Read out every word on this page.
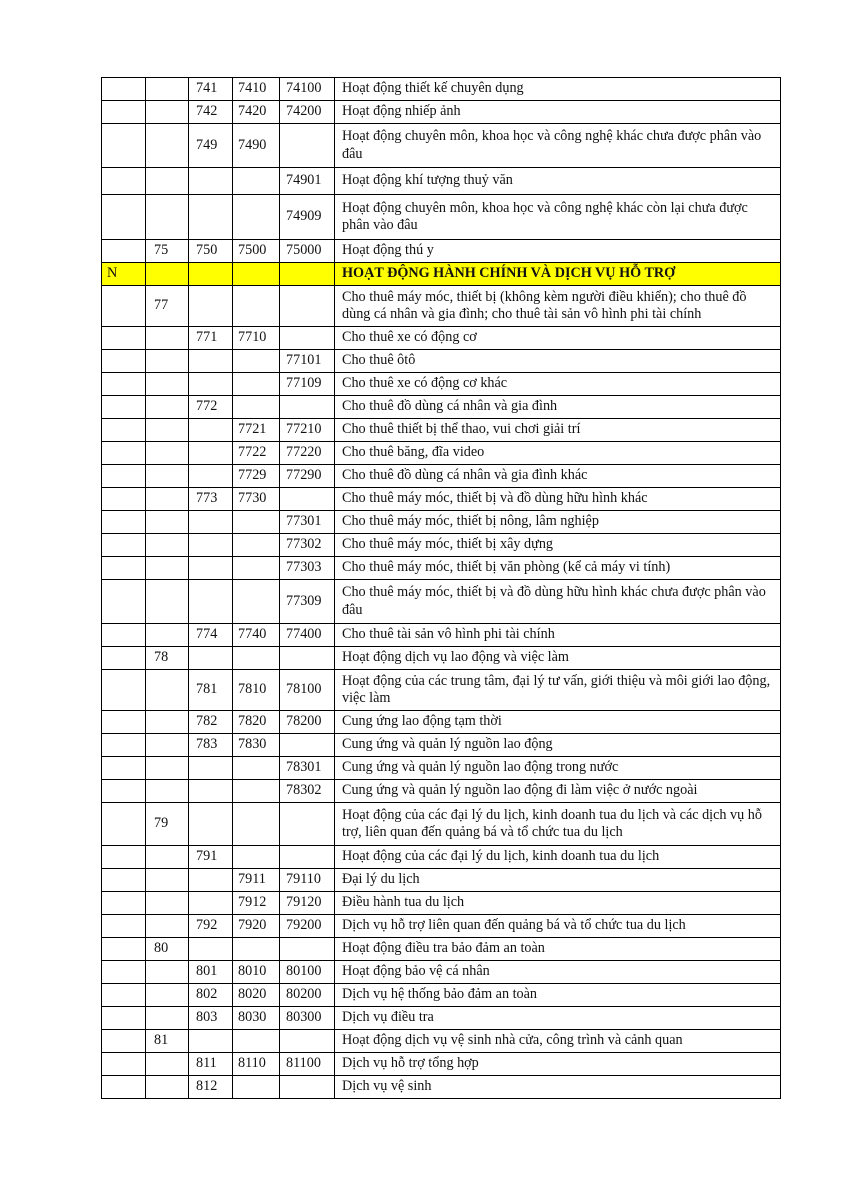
		741	7410	74100	Hoạt động thiết kế chuyên dụng
		742	7420	74200	Hoạt động nhiếp ảnh
		749	7490		Hoạt động chuyên môn, khoa học và công nghệ khác chưa được phân vào đâu
				74901	Hoạt động khí tượng thuỷ văn
				74909	Hoạt động chuyên môn, khoa học và công nghệ khác còn lại chưa được phân vào đâu
	75	750	7500	75000	Hoạt động thú y
N					HOẠT ĐỘNG HÀNH CHÍNH VÀ DỊCH VỤ HỖ TRỢ
	77				Cho thuê máy móc, thiết bị (không kèm người điều khiển); cho thuê đồ dùng cá nhân và gia đình; cho thuê tài sản vô hình phi tài chính
		771	7710		Cho thuê xe có động cơ
				77101	Cho thuê ôtô
				77109	Cho thuê xe có động cơ khác
		772			Cho thuê đồ dùng cá nhân và gia đình
			7721	77210	Cho thuê thiết bị thể thao, vui chơi giải trí
			7722	77220	Cho thuê băng, đĩa video
			7729	77290	Cho thuê đồ dùng cá nhân và gia đình khác
		773	7730		Cho thuê máy móc, thiết bị và đồ dùng hữu hình khác
				77301	Cho thuê máy móc, thiết bị nông, lâm nghiệp
				77302	Cho thuê máy móc, thiết bị xây dựng
				77303	Cho thuê máy móc, thiết bị văn phòng (kể cả máy vi tính)
				77309	Cho thuê máy móc, thiết bị và đồ dùng hữu hình khác chưa được phân vào đâu
		774	7740	77400	Cho thuê tài sản vô hình phi tài chính
	78				Hoạt động dịch vụ lao động và việc làm
		781	7810	78100	Hoạt động của các trung tâm, đại lý tư vấn, giới thiệu và môi giới lao động, việc làm
		782	7820	78200	Cung ứng lao động tạm thời
		783	7830		Cung ứng và quản lý nguồn lao động
				78301	Cung ứng và quản lý nguồn lao động trong nước
				78302	Cung ứng và quản lý nguồn lao động đi làm việc ở nước ngoài
	79				Hoạt động của các đại lý du lịch, kinh doanh tua du lịch và các dịch vụ hỗ trợ, liên quan đến quảng bá và tổ chức tua du lịch
		791			Hoạt động của các đại lý du lịch, kinh doanh tua du lịch
			7911	79110	Đại lý du lịch
			7912	79120	Điều hành tua du lịch
		792	7920	79200	Dịch vụ hỗ trợ liên quan đến quảng bá và tổ chức tua du lịch
	80				Hoạt động điều tra bảo đảm an toàn
		801	8010	80100	Hoạt động bảo vệ cá nhân
		802	8020	80200	Dịch vụ hệ thống bảo đảm an toàn
		803	8030	80300	Dịch vụ điều tra
	81				Hoạt động dịch vụ vệ sinh nhà cửa, công trình và cảnh quan
		811	8110	81100	Dịch vụ hỗ trợ tổng hợp
		812			Dịch vụ vệ sinh
